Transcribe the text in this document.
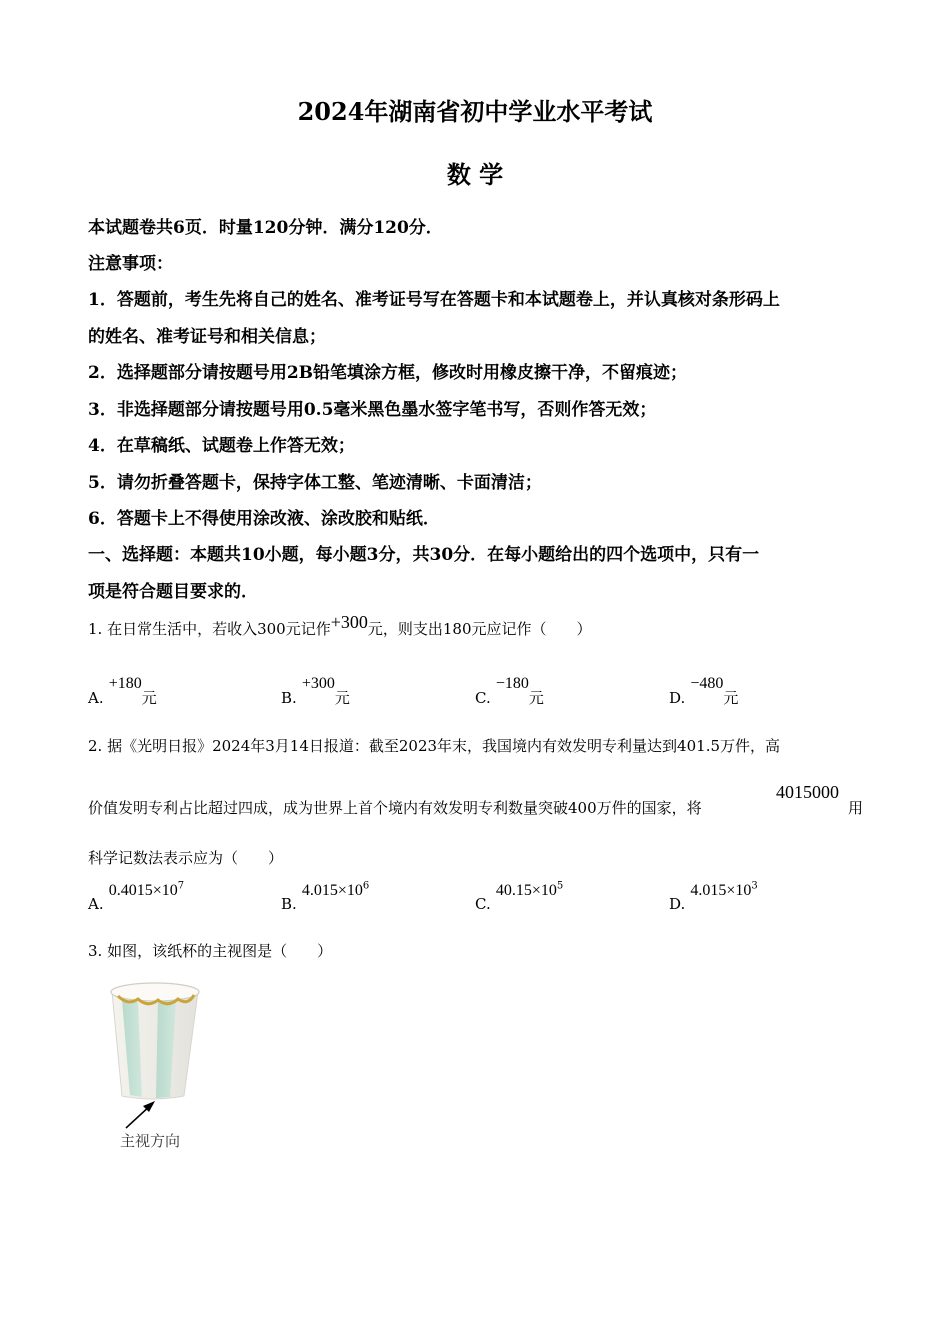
2024年湖南省初中学业水平考试
数 学
本试题卷共6页．时量120分钟．满分120分．
注意事项：
1．答题前，考生先将自己的姓名、准考证号写在答题卡和本试题卷上，并认真核对条形码上
的姓名、准考证号和相关信息；
2．选择题部分请按题号用2B铅笔填涂方框，修改时用橡皮擦干净，不留痕迹；
3．非选择题部分请按题号用0.5毫米黑色墨水签字笔书写，否则作答无效；
4．在草稿纸、试题卷上作答无效；
5．请勿折叠答题卡，保持字体工整、笔迹清晰、卡面清洁；
6．答题卡上不得使用涂改液、涂改胶和贴纸．
一、选择题：本题共10小题，每小题3分，共30分．在每小题给出的四个选项中，只有一
项是符合题目要求的．
1. 在日常生活中，若收入300元记作+300元，则支出180元应记作（　　）
A. +180元	B. +300元	C. −180元	D. −480元
2. 据《光明日报》2024年3月14日报道：截至2023年末，我国境内有效发明专利量达到401.5万件，高
价值发明专利占比超过四成，成为世界上首个境内有效发明专利数量突破400万件的国家，将
4015000
用
科学记数法表示应为（　　）
A. $0.4015\times 10^7$
B. $4.015\times 10^6$
C. $40.15\times 10^5$
D. $4.015\times 10^3$
3. 如图，该纸杯的主视图是（　　）
主视方向
